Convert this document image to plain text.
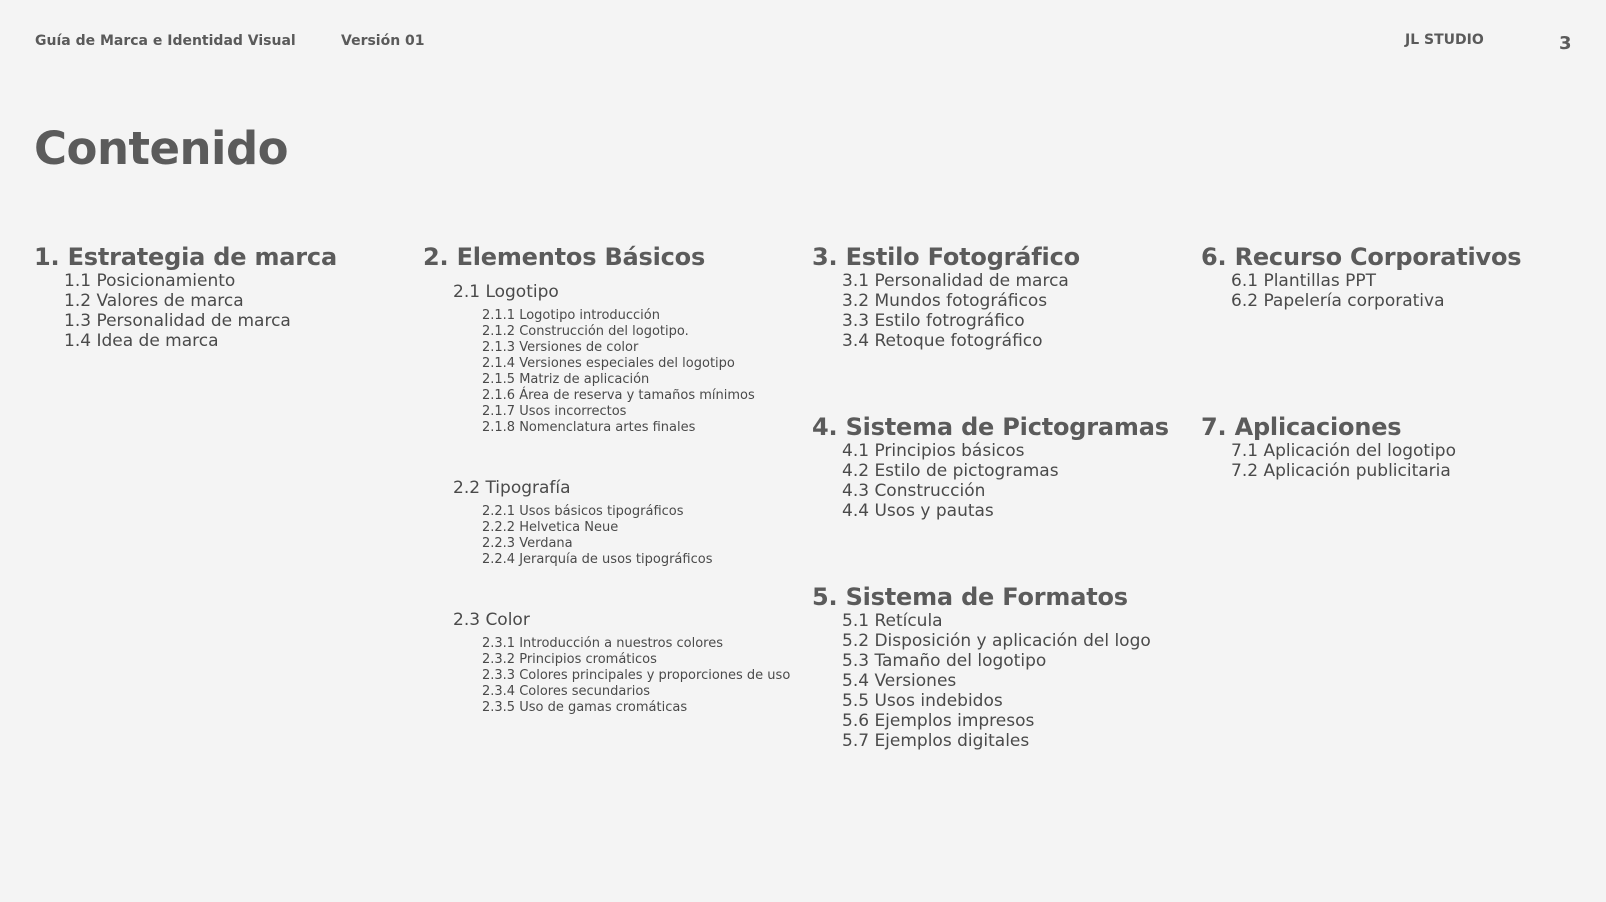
Guía de Marca e Identidad Visual	Versión 01	JL STUDIO	3
Contenido
1. Estrategia de marca
1.1 Posicionamiento
1.2 Valores de marca
1.3 Personalidad de marca
1.4 Idea de marca
2. Elementos Básicos
2.1 Logotipo
2.1.1 Logotipo introducción
2.1.2 Construcción del logotipo.
2.1.3 Versiones de color
2.1.4 Versiones especiales del logotipo
2.1.5 Matriz de aplicación
2.1.6 Área de reserva y tamaños mínimos
2.1.7 Usos incorrectos
2.1.8 Nomenclatura artes finales
2.2 Tipografía
2.2.1 Usos básicos tipográficos
2.2.2 Helvetica Neue
2.2.3 Verdana
2.2.4 Jerarquía de usos tipográficos
2.3 Color
2.3.1 Introducción a nuestros colores
2.3.2 Principios cromáticos
2.3.3 Colores principales y proporciones de uso
2.3.4 Colores secundarios
2.3.5 Uso de gamas cromáticas
3. Estilo Fotográfico
3.1 Personalidad de marca
3.2 Mundos fotográficos
3.3 Estilo fotrográfico
3.4 Retoque fotográfico
4. Sistema de Pictogramas
4.1 Principios básicos
4.2 Estilo de pictogramas
4.3 Construcción
4.4 Usos y pautas
5. Sistema de Formatos
5.1 Retícula
5.2 Disposición y aplicación del logo
5.3 Tamaño del logotipo
5.4 Versiones
5.5 Usos indebidos
5.6 Ejemplos impresos
5.7 Ejemplos digitales
6. Recurso Corporativos
6.1 Plantillas PPT
6.2 Papelería corporativa
7. Aplicaciones
7.1 Aplicación del logotipo
7.2 Aplicación publicitaria
